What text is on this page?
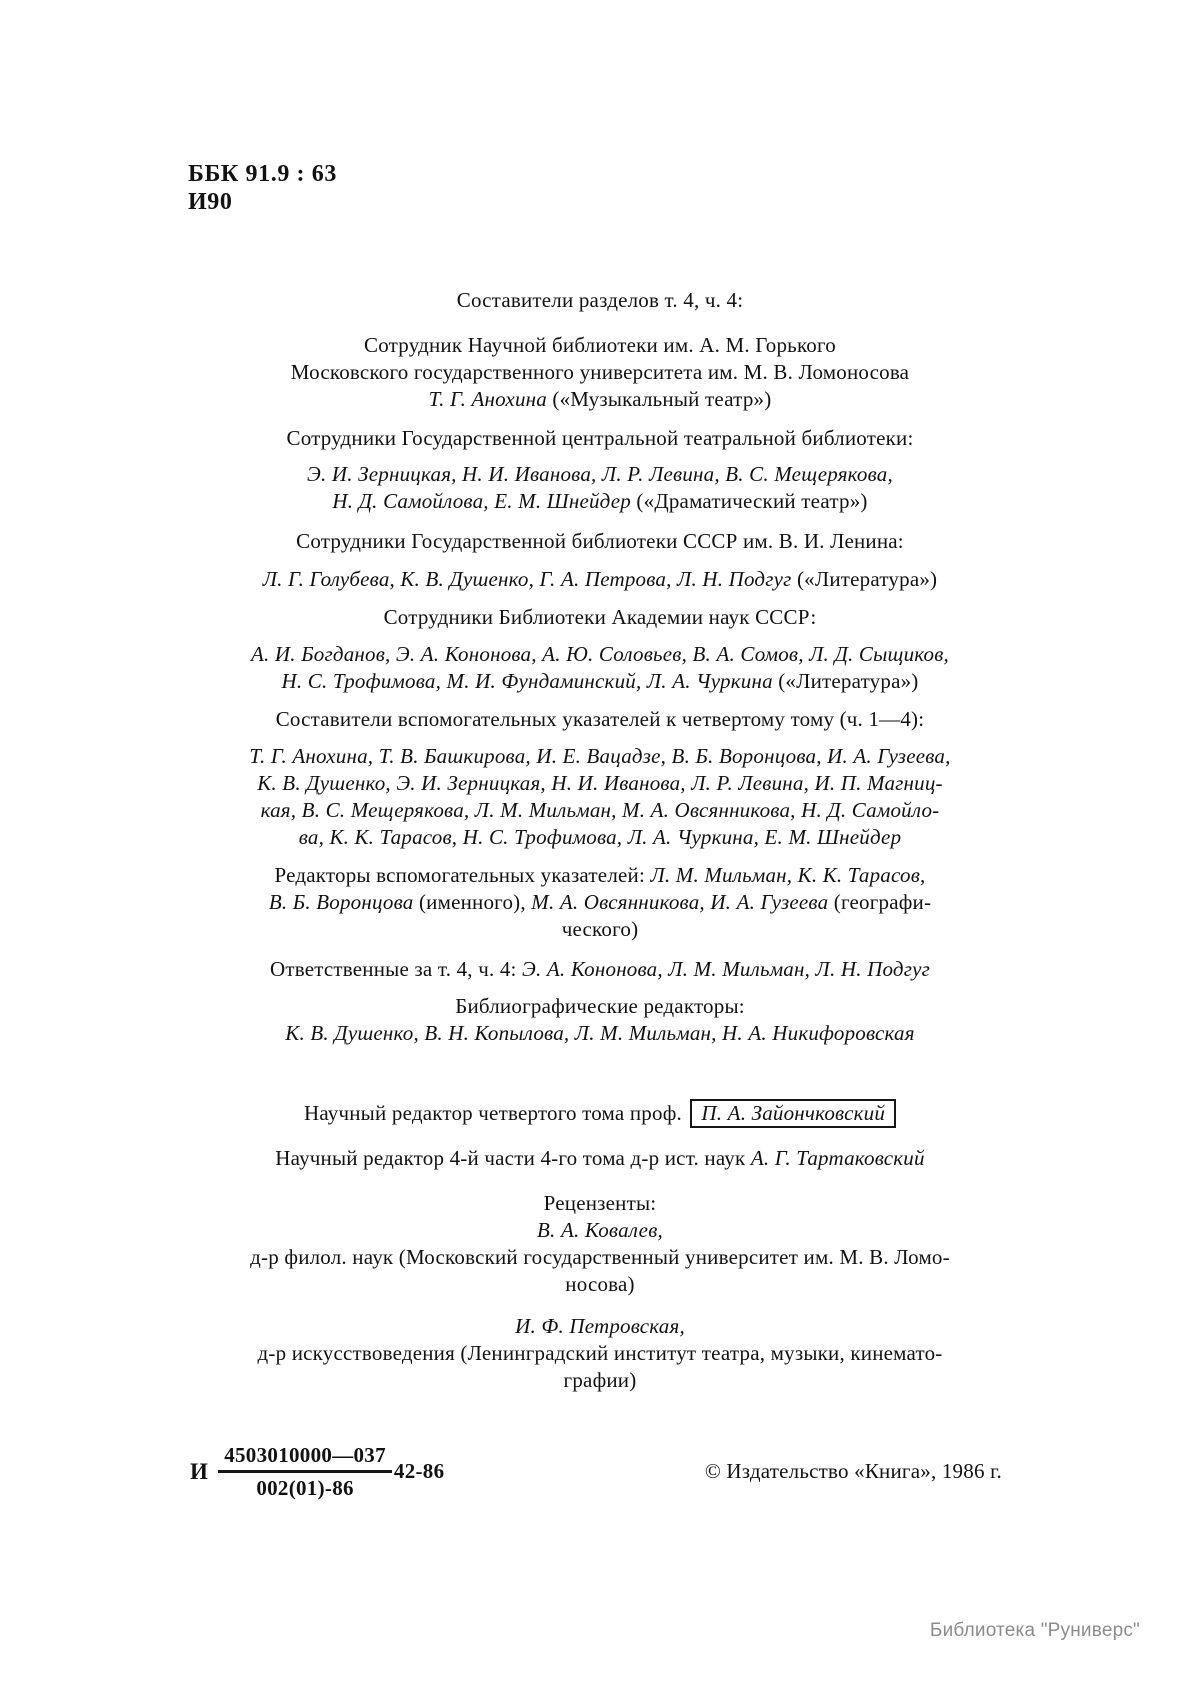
ББК 91.9 : 63
И90
Составители разделов т. 4, ч. 4:
Сотрудник Научной библиотеки им. А. М. Горького
Московского государственного университета им. М. В. Ломоносова
Т. Г. Анохина («Музыкальный театр»)
Сотрудники Государственной центральной театральной библиотеки:
Э. И. Зерницкая, Н. И. Иванова, Л. Р. Левина, В. С. Мещерякова,
Н. Д. Самойлова, Е. М. Шнейдер («Драматический театр»)
Сотрудники Государственной библиотеки СССР им. В. И. Ленина:
Л. Г. Голубева, К. В. Душенко, Г. А. Петрова, Л. Н. Подгуг («Литература»)
Сотрудники Библиотеки Академии наук СССР:
А. И. Богданов, Э. А. Кононова, А. Ю. Соловьев, В. А. Сомов, Л. Д. Сыщиков,
Н. С. Трофимова, М. И. Фундаминский, Л. А. Чуркина («Литература»)
Составители вспомогательных указателей к четвертому тому (ч. 1—4):
Т. Г. Анохина, Т. В. Башкирова, И. Е. Вацадзе, В. Б. Воронцова, И. А. Гузеева,
К. В. Душенко, Э. И. Зерницкая, Н. И. Иванова, Л. Р. Левина, И. П. Магниц-
кая, В. С. Мещерякова, Л. М. Мильман, М. А. Овсянникова, Н. Д. Самойло-
ва, К. К. Тарасов, Н. С. Трофимова, Л. А. Чуркина, Е. М. Шнейдер
Редакторы вспомогательных указателей: Л. М. Мильман, К. К. Тарасов,
В. Б. Воронцова (именного), М. А. Овсянникова, И. А. Гузеева (географи-
ческого)
Ответственные за т. 4, ч. 4: Э. А. Кононова, Л. М. Мильман, Л. Н. Подгуг
Библиографические редакторы:
К. В. Душенко, В. Н. Копылова, Л. М. Мильман, Н. А. Никифоровская
Научный редактор четвертого тома проф. П. А. Зайончковский
Научный редактор 4-й части 4-го тома д-р ист. наук А. Г. Тартаковский
Рецензенты:
В. А. Ковалев,
д-р филол. наук (Московский государственный университет им. М. В. Ломо-
носова)
И. Ф. Петровская,
д-р искусствоведения (Ленинградский институт театра, музыки, кинемато-
графии)
И $\frac{4503010000—037}{002(01)-86} 42-86$	© Издательство «Книга», 1986 г.
Библиотека "Руниверс"
